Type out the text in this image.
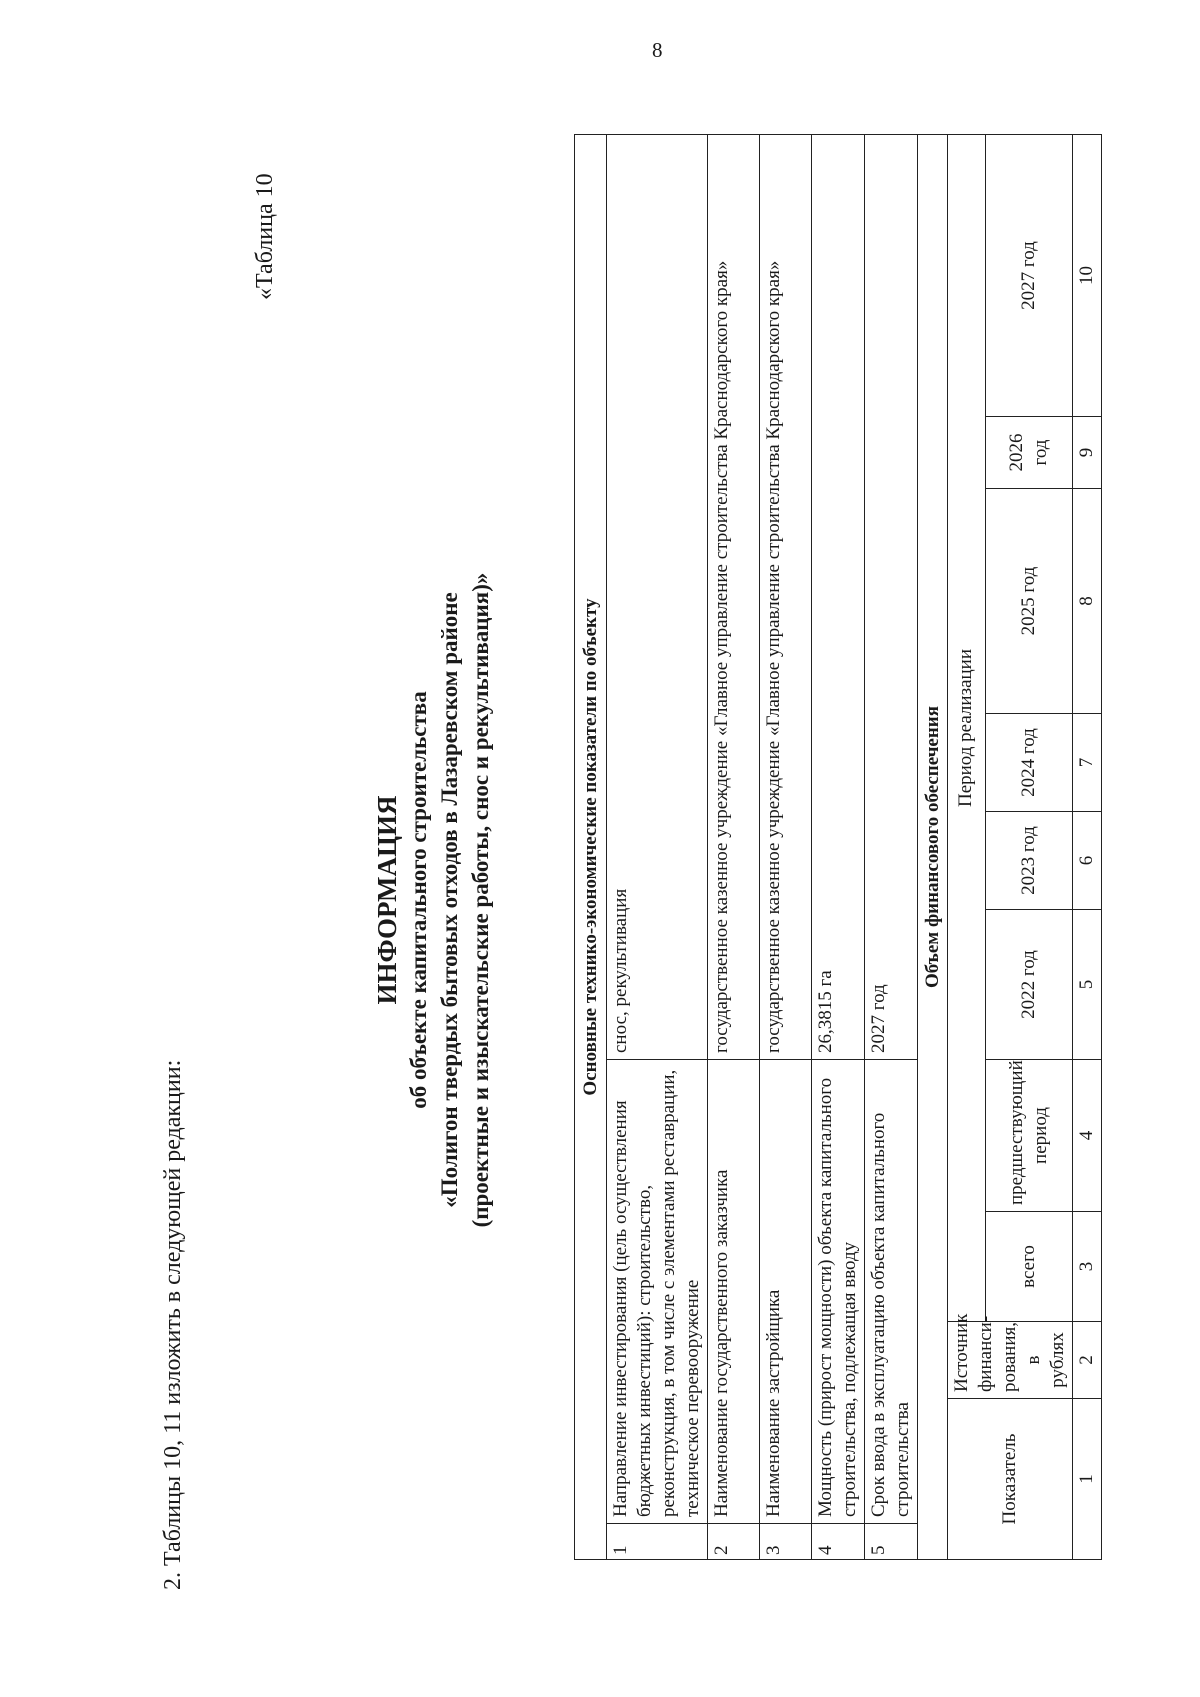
8
2. Таблицы 10, 11 изложить в следующей редакции:
«Таблица 10
ИНФОРМАЦИЯ об объекте капитального строительства «Полигон твердых бытовых отходов в Лазаревском районе (проектные и изыскательские работы, снос и рекультивация)»	Основные технико-экономические показатели по объекту										
1	Направление инвестирования (цель осуществления бюджетных инвестиций): строительство, реконструкция, в том числе с элементами реставрации, техническое перевооружение				снос, рекультивация					
2	Наименование государственного заказчика				государственное казенное учреждение «Главное управление строительства Краснодарского края»					
3	Наименование застройщика				государственное казенное учреждение «Главное управление строительства Краснодарского края»					
4	Мощность (прирост мощности) объекта капитального строительства, подлежащая вводу				26,3815 га					
5	Срок ввода в эксплуатацию объекта капитального строительства				2027 год					
Объем финансового обеспечения										
Показатель		Источник финанси-рования, в рублях	Период реализации							
			всего	предшествующий период	2022 год	2023 год	2024 год	2025 год	2026 год	2027 год
1		2	3	4	5	6	7	8	9	10
